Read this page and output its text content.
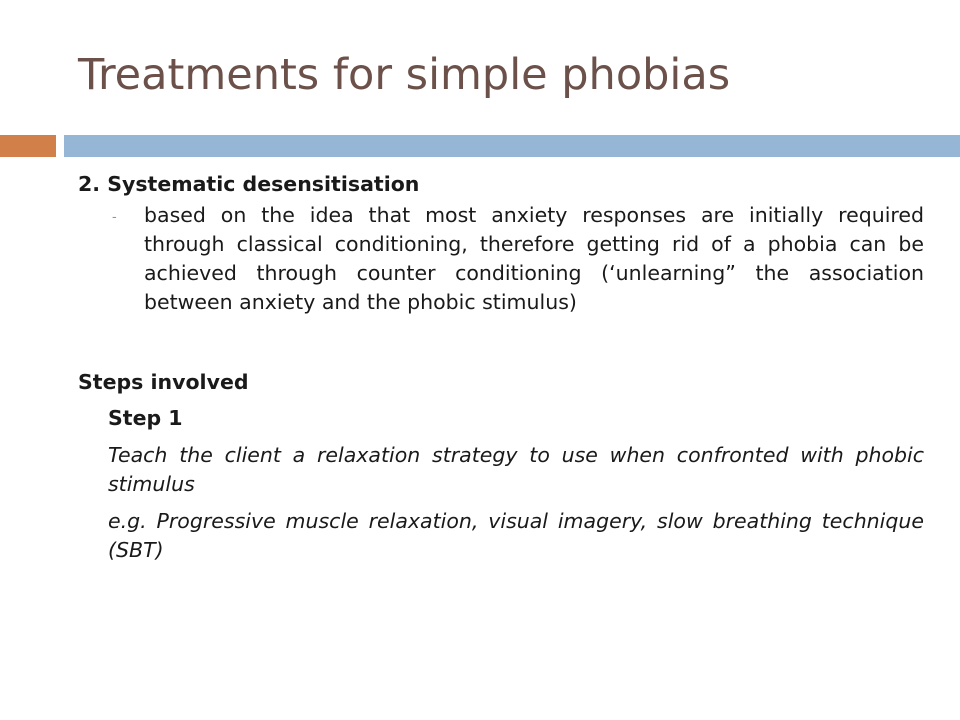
Treatments for simple phobias
2. Systematic desensitisation
- based on the idea that most anxiety responses are initially required through classical conditioning, therefore getting rid of a phobia can be achieved through counter conditioning (‘unlearning” the association between anxiety and the phobic stimulus)
Steps involved
Step 1
Teach the client a relaxation strategy to use when confronted with phobic stimulus
e.g. Progressive muscle relaxation, visual imagery, slow breathing technique (SBT)
